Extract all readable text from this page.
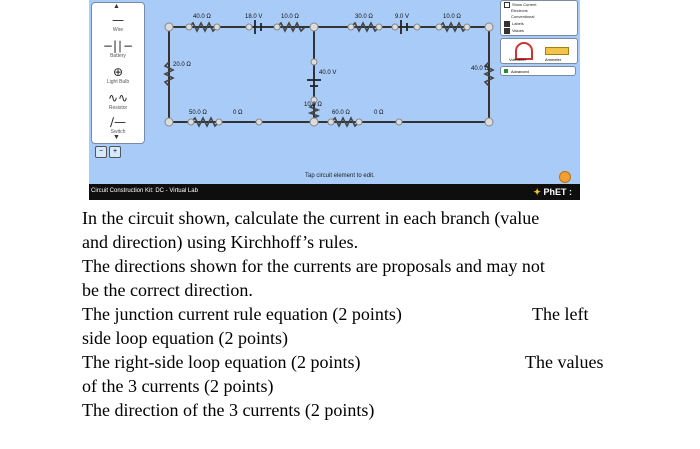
▲
—
Wire
−|∣−
Battery
⊕
Light Bulb
∿∿
Resistor
∕—
Switch
▼
−	+
40.0 Ω	18.0 V	10.0 Ω	30.0 Ω	9.0 V	10.0 Ω
20.0 Ω
40.0 V
40.0 Ω
10.0 Ω
50.0 Ω	0 Ω	60.0 Ω	0 Ω
Show Current
Electrons
Conventional
Labels
Values
Voltmeter	Ammeter
Advanced
Tap circuit element to edit.
Circuit Construction Kit: DC - Virtual Lab	✦ PhET :

In the circuit shown, calculate the current in each branch (value

and direction) using Kirchhoff’s rules.

The directions shown for the currents are proposals and may not

be the correct direction.

The junction current rule equation (2 points)	The left

side loop equation (2 points)

The right-side loop equation (2 points)	The values

of the 3 currents (2 points)

The direction of the 3 currents (2 points)
